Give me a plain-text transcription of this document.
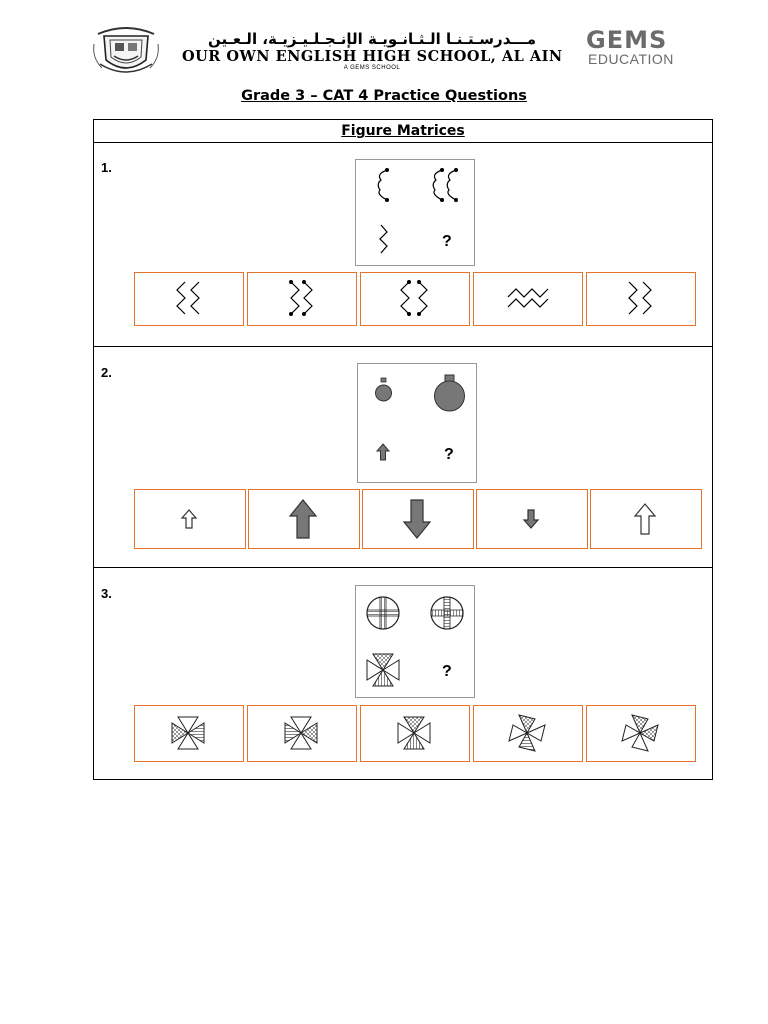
مـــدرسـتـنـا الـثـانـويـة الإنـجـلـيـزيـة، الـعـين
OUR OWN ENGLISH HIGH SCHOOL, AL AIN
A GEMS SCHOOL
GEMS
EDUCATION
Grade 3 – CAT 4 Practice Questions
Figure Matrices
1.
?
2.
?
3.
?
